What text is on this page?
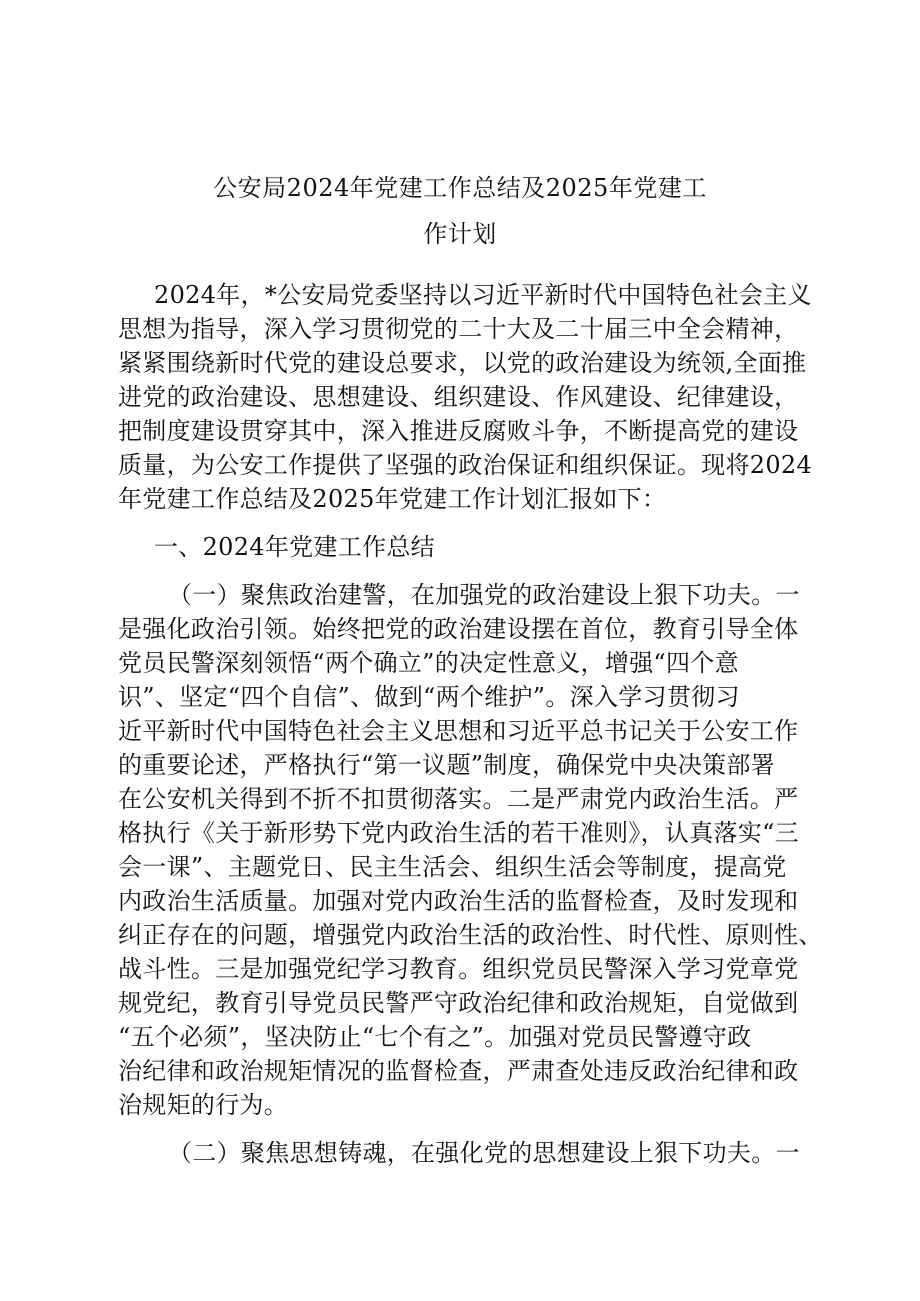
公安局2024年党建工作总结及2025年党建工
作计划
2024年，*公安局党委坚持以习近平新时代中国特色社会主义
思想为指导，深入学习贯彻党的二十大及二十届三中全会精神，
紧紧围绕新时代党的建设总要求，以党的政治建设为统领,全面推
进党的政治建设、思想建设、组织建设、作风建设、纪律建设，
把制度建设贯穿其中，深入推进反腐败斗争，不断提高党的建设
质量，为公安工作提供了坚强的政治保证和组织保证。现将2024
年党建工作总结及2025年党建工作计划汇报如下：
一、2024年党建工作总结
（一）聚焦政治建警，在加强党的政治建设上狠下功夫。一
是强化政治引领。始终把党的政治建设摆在首位，教育引导全体
党员民警深刻领悟“两个确立”的决定性意义，增强“四个意
识”、坚定“四个自信”、做到“两个维护”。深入学习贯彻习
近平新时代中国特色社会主义思想和习近平总书记关于公安工作
的重要论述，严格执行“第一议题”制度，确保党中央决策部署
在公安机关得到不折不扣贯彻落实。二是严肃党内政治生活。严
格执行《关于新形势下党内政治生活的若干准则》，认真落实“三
会一课”、主题党日、民主生活会、组织生活会等制度，提高党
内政治生活质量。加强对党内政治生活的监督检查，及时发现和
纠正存在的问题，增强党内政治生活的政治性、时代性、原则性、
战斗性。三是加强党纪学习教育。组织党员民警深入学习党章党
规党纪，教育引导党员民警严守政治纪律和政治规矩，自觉做到
“五个必须”，坚决防止“七个有之”。加强对党员民警遵守政
治纪律和政治规矩情况的监督检查，严肃查处违反政治纪律和政
治规矩的行为。
（二）聚焦思想铸魂，在强化党的思想建设上狠下功夫。一
